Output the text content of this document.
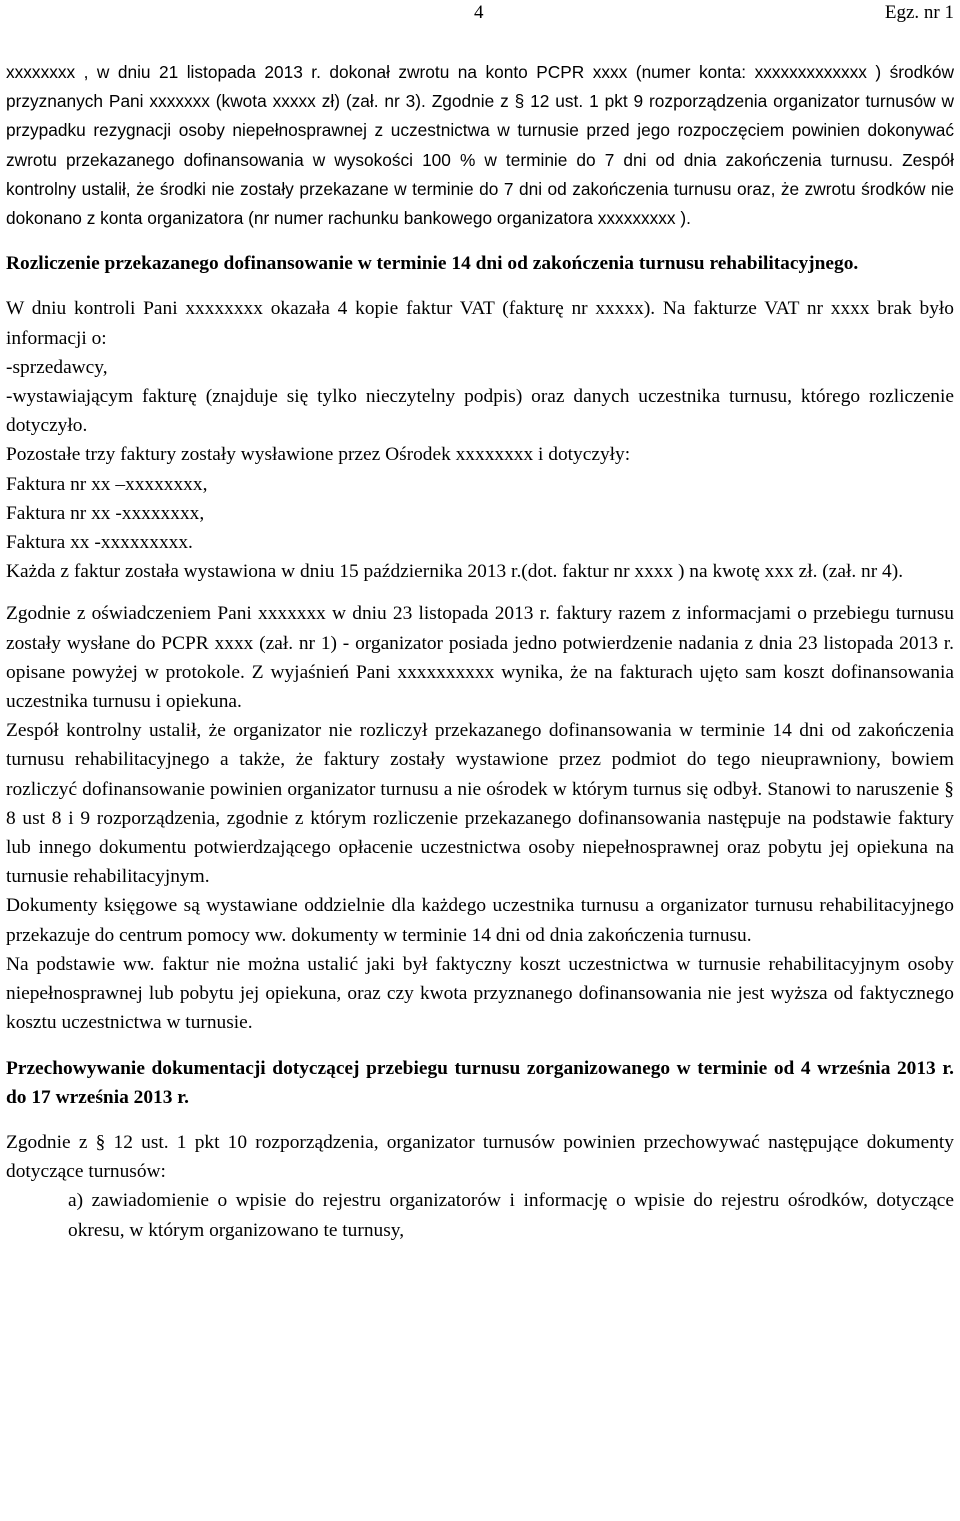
4	Egz. nr 1

xxxxxxxx , w dniu 21 listopada 2013 r. dokonał zwrotu na konto PCPR xxxx (numer konta: xxxxxxxxxxxxx ) środków przyznanych Pani xxxxxxx (kwota xxxxx zł) (zał. nr 3). Zgodnie z § 12 ust. 1 pkt 9 rozporządzenia organizator turnusów w przypadku rezygnacji osoby niepełnosprawnej z uczestnictwa w turnusie przed jego rozpoczęciem powinien dokonywać zwrotu przekazanego dofinansowania w wysokości 100 % w terminie do 7 dni od dnia zakończenia turnusu. Zespół kontrolny ustalił, że środki nie zostały przekazane w terminie do 7 dni od zakończenia turnusu oraz, że zwrotu środków nie dokonano z konta organizatora (nr numer rachunku bankowego organizatora xxxxxxxxx ).

Rozliczenie przekazanego dofinansowanie w terminie 14 dni od zakończenia turnusu rehabilitacyjnego.

W dniu kontroli Pani xxxxxxxx okazała 4 kopie faktur VAT (fakturę nr xxxxx). Na fakturze VAT nr xxxx brak było informacji o:

-sprzedawcy,

-wystawiającym fakturę (znajduje się tylko nieczytelny podpis) oraz danych uczestnika turnusu, którego rozliczenie dotyczyło.

Pozostałe trzy faktury zostały wysławione przez Ośrodek xxxxxxxx i dotyczyły:

Faktura nr xx –xxxxxxxx,

Faktura nr xx -xxxxxxxx,

Faktura xx -xxxxxxxxx.

Każda z faktur została wystawiona w dniu 15 października 2013 r.(dot. faktur nr xxxx ) na kwotę xxx zł. (zał. nr 4).

Zgodnie z oświadczeniem Pani xxxxxxx w dniu 23 listopada 2013 r. faktury razem z informacjami o przebiegu turnusu zostały wysłane do PCPR xxxx (zał. nr 1) - organizator posiada jedno potwierdzenie nadania z dnia 23 listopada 2013 r. opisane powyżej w protokole. Z wyjaśnień Pani xxxxxxxxxx wynika, że na fakturach ujęto sam koszt dofinansowania uczestnika turnusu i opiekuna.

Zespół kontrolny ustalił, że organizator nie rozliczył przekazanego dofinansowania w terminie 14 dni od zakończenia turnusu rehabilitacyjnego a także, że faktury zostały wystawione przez podmiot do tego nieuprawniony, bowiem rozliczyć dofinansowanie powinien organizator turnusu a nie ośrodek w którym turnus się odbył. Stanowi to naruszenie § 8 ust 8 i 9 rozporządzenia, zgodnie z którym rozliczenie przekazanego dofinansowania następuje na podstawie faktury lub innego dokumentu potwierdzającego opłacenie uczestnictwa osoby niepełnosprawnej oraz pobytu jej opiekuna na turnusie rehabilitacyjnym.

Dokumenty księgowe są wystawiane oddzielnie dla każdego uczestnika turnusu a organizator turnusu rehabilitacyjnego przekazuje do centrum pomocy ww. dokumenty w terminie 14 dni od dnia zakończenia turnusu.

Na podstawie ww. faktur nie można ustalić jaki był faktyczny koszt uczestnictwa w turnusie rehabilitacyjnym osoby niepełnosprawnej lub pobytu jej opiekuna, oraz czy kwota przyznanego dofinansowania nie jest wyższa od faktycznego kosztu uczestnictwa w turnusie.

Przechowywanie dokumentacji dotyczącej przebiegu turnusu zorganizowanego w terminie od 4 września 2013 r. do 17 września 2013 r.

Zgodnie z § 12 ust. 1 pkt 10 rozporządzenia, organizator turnusów powinien przechowywać następujące dokumenty dotyczące turnusów:

a) zawiadomienie o wpisie do rejestru organizatorów i informację o wpisie do rejestru ośrodków, dotyczące okresu, w którym organizowano te turnusy,
